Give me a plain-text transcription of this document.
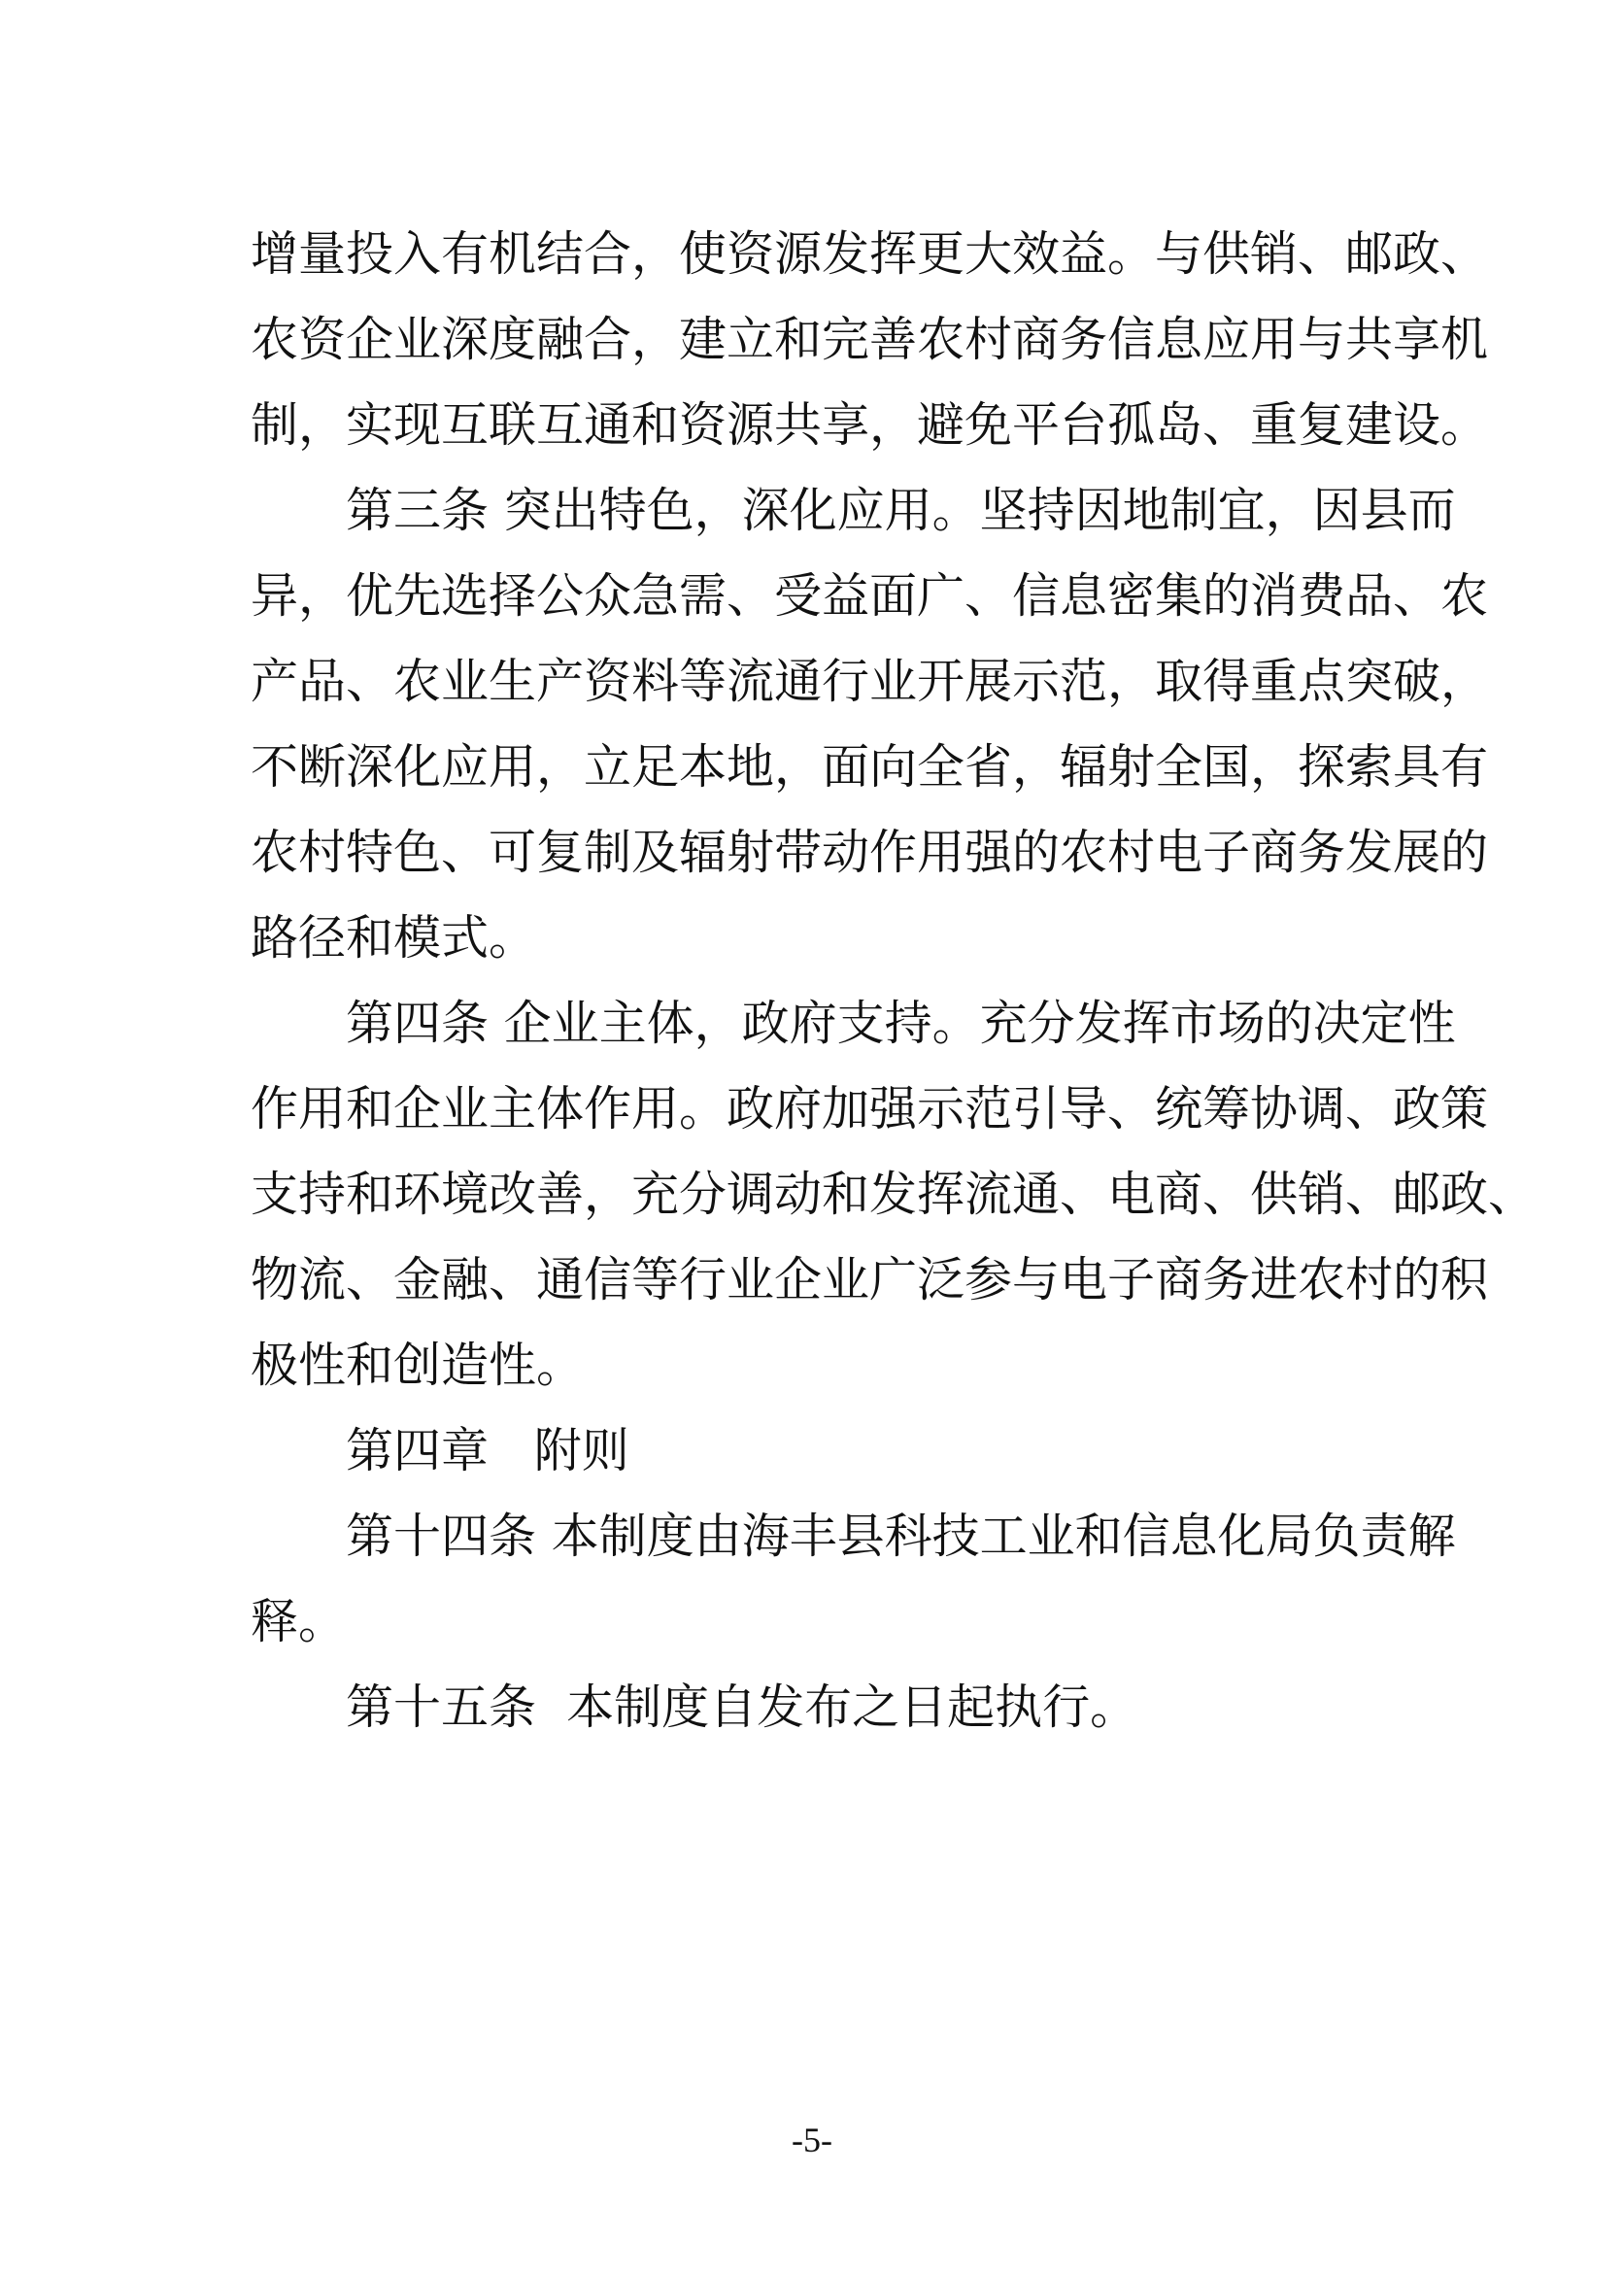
增量投入有机结合，使资源发挥更大效益。与供销、邮政、
农资企业深度融合，建立和完善农村商务信息应用与共享机
制，实现互联互通和资源共享，避免平台孤岛、重复建设。
第三条 突出特色，深化应用。坚持因地制宜，因县而
异，优先选择公众急需、受益面广、信息密集的消费品、农
产品、农业生产资料等流通行业开展示范，取得重点突破，
不断深化应用，立足本地，面向全省，辐射全国，探索具有
农村特色、可复制及辐射带动作用强的农村电子商务发展的
路径和模式。
第四条 企业主体，政府支持。充分发挥市场的决定性
作用和企业主体作用。政府加强示范引导、统筹协调、政策
支持和环境改善，充分调动和发挥流通、电商、供销、邮政、
物流、金融、通信等行业企业广泛参与电子商务进农村的积
极性和创造性。
第四章   附则
第十四条 本制度由海丰县科技工业和信息化局负责解
释。
第十五条  本制度自发布之日起执行。
-5-
